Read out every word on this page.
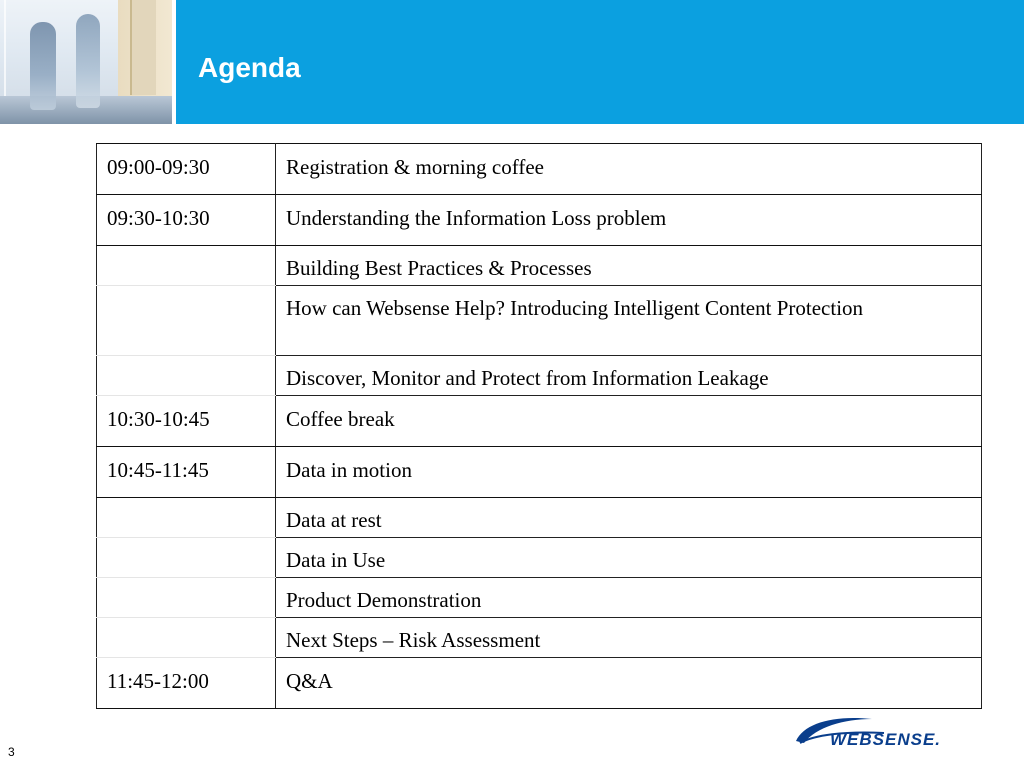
Agenda
09:00-09:30	Registration & morning coffee
09:30-10:30	Understanding the Information Loss problem
	Building Best Practices & Processes
	How can Websense Help? Introducing Intelligent Content Protection
	Discover, Monitor and Protect from Information Leakage
10:30-10:45	Coffee break
10:45-11:45	Data in motion
	Data at rest
	Data in Use
	Product Demonstration
	Next Steps – Risk Assessment
11:45-12:00	Q&A
3
WEBSENSE.
